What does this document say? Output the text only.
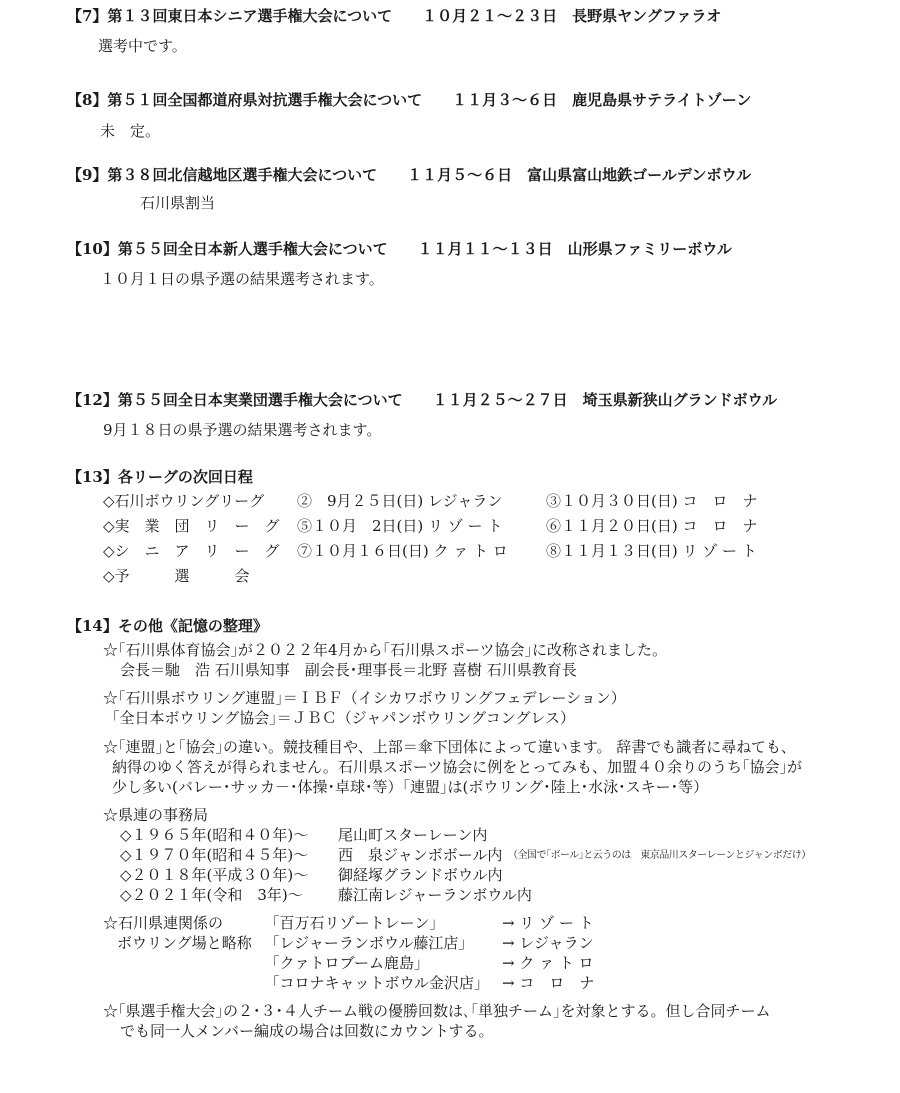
【7】第１３回東日本シニア選手権大会について　　１０月２１～２３日　長野県ヤングファラオ
選考中です。
【8】第５１回全国都道府県対抗選手権大会について　　１１月３～６日　鹿児島県サテライトゾーン
未　定。
【9】第３８回北信越地区選手権大会について　　１１月５～６日　富山県富山地鉄ゴールデンボウル
石川県割当
【10】第５５回全日本新人選手権大会について　　１１月１１～１３日　山形県ファミリーボウル
１０月１日の県予選の結果選考されます。
【12】第５５回全日本実業団選手権大会について　　１１月２５～２７日　埼玉県新狭山グランドボウル
9月１８日の県予選の結果選考されます。
【13】各リーグの次回日程
◇石川ボウリングリーグ ②　9月２５日(日) レジャラン	③１０月３０日(日) コ　ロ　ナ
◇実　業　団　リ　ー　グ ⑤１０月　2日(日) リ ゾ ー ト	⑥１１月２０日(日) コ　ロ　ナ
◇シ　ニ　ア　リ　ー　グ ⑦１０月１６日(日) ク ァ ト ロ	⑧１１月１３日(日) リ ゾ ー ト
◇予　　　選　　　会
【14】その他《記憶の整理》
☆｢石川県体育協会｣が２０２２年4月から｢石川県スポーツ協会｣に改称されました。
会長＝馳　浩 石川県知事　副会長･理事長＝北野 喜樹 石川県教育長
☆｢石川県ボウリング連盟｣＝ＩＢＦ（イシカワボウリングフェデレーション）
｢全日本ボウリング協会｣＝ＪＢＣ（ジャパンボウリングコングレス）
☆｢連盟｣と｢協会｣の違い。競技種目や、上部＝傘下団体によって違います。 辞書でも識者に尋ねても、
納得のゆく答えが得られません。石川県スポーツ協会に例をとってみも、加盟４０余りのうち｢協会｣が
少し多い(バレー･サッカ－･体操･卓球･等）｢連盟｣は(ボウリング･陸上･水泳･スキー･等）
☆県連の事務局
◇１９６５年(昭和４０年)～ 尾山町スターレーン内
◇１９７０年(昭和４５年)～ 西　泉ジャンボボール内 （全国で｢ボール｣と云うのは　東京品川スターレーンとジャンボだけ）
◇２０１８年(平成３０年)～ 御経塚グランドボウル内
◇２０２１年(令和　3年)～ 藤江南レジャーランボウル内
☆石川県連関係の
ボウリング場と略称
｢百万石リゾートレーン｣	→ リ ゾ ー ト
｢レジャーランボウル藤江店｣ → レジャラン
｢クァトロブーム鹿島｣	→ ク ァ ト ロ
｢コロナキャットボウル金沢店｣ → コ　ロ　ナ
☆｢県選手権大会｣の２･３･４人チーム戦の優勝回数は､｢単独チーム｣を対象とする。但し合同チーム
でも同一人メンバー編成の場合は回数にカウントする。
